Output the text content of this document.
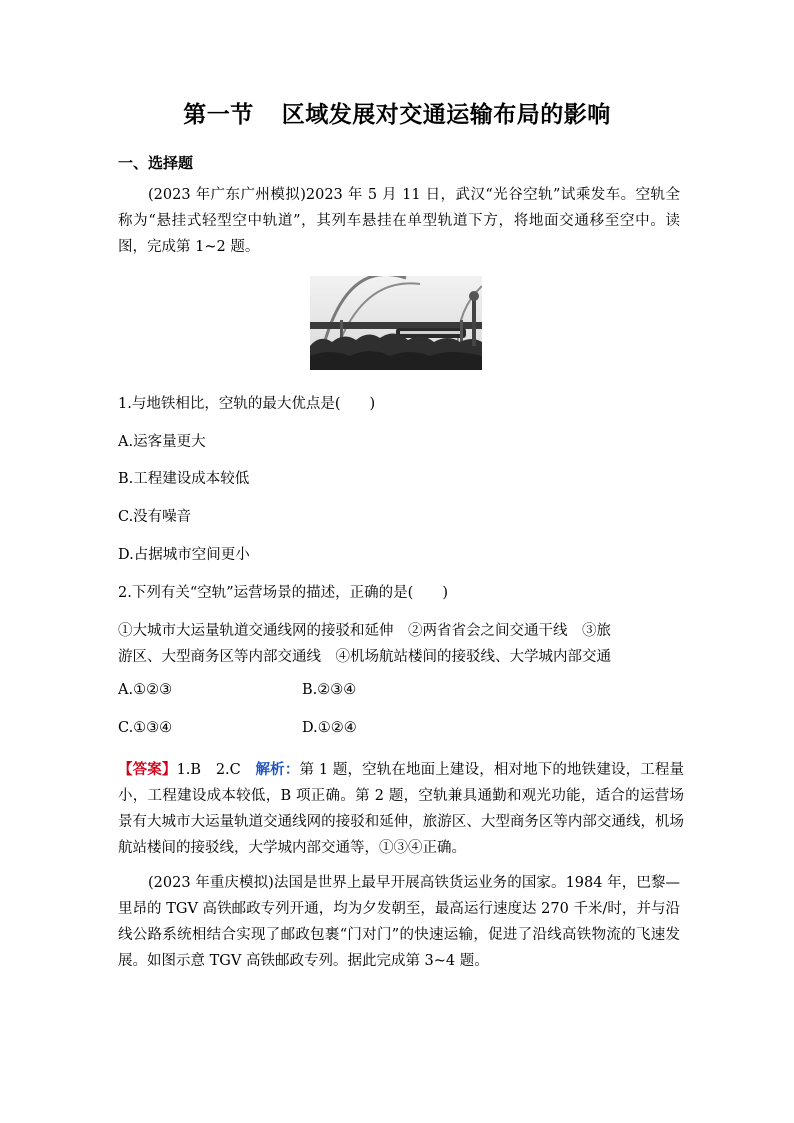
第一节 区域发展对交通运输布局的影响
一、选择题
(2023 年广东广州模拟)2023 年 5 月 11 日，武汉“光谷空轨”试乘发车。空轨全称为“悬挂式轻型空中轨道”，其列车悬挂在单型轨道下方，将地面交通移至空中。读图，完成第 1~2 题。
1.与地铁相比，空轨的最大优点是(　　)
A.运客量更大
B.工程建设成本较低
C.没有噪音
D.占据城市空间更小
2.下列有关“空轨”运营场景的描述，正确的是(　　)
①大城市大运量轨道交通线网的接驳和延伸　②两省省会之间交通干线　③旅
游区、大型商务区等内部交通线　④机场航站楼间的接驳线、大学城内部交通
A.①②③	B.②③④
C.①③④	D.①②④
【答案】1.B　2.C　解析：第 1 题，空轨在地面上建设，相对地下的地铁建设，工程量小，工程建设成本较低，B 项正确。第 2 题，空轨兼具通勤和观光功能，适合的运营场景有大城市大运量轨道交通线网的接驳和延伸，旅游区、大型商务区等内部交通线，机场航站楼间的接驳线，大学城内部交通等，①③④正确。
(2023 年重庆模拟)法国是世界上最早开展高铁货运业务的国家。1984 年，巴黎—里昂的 TGV 高铁邮政专列开通，均为夕发朝至，最高运行速度达 270 千米/时，并与沿线公路系统相结合实现了邮政包裹“门对门”的快速运输，促进了沿线高铁物流的飞速发展。如图示意 TGV 高铁邮政专列。据此完成第 3~4 题。
